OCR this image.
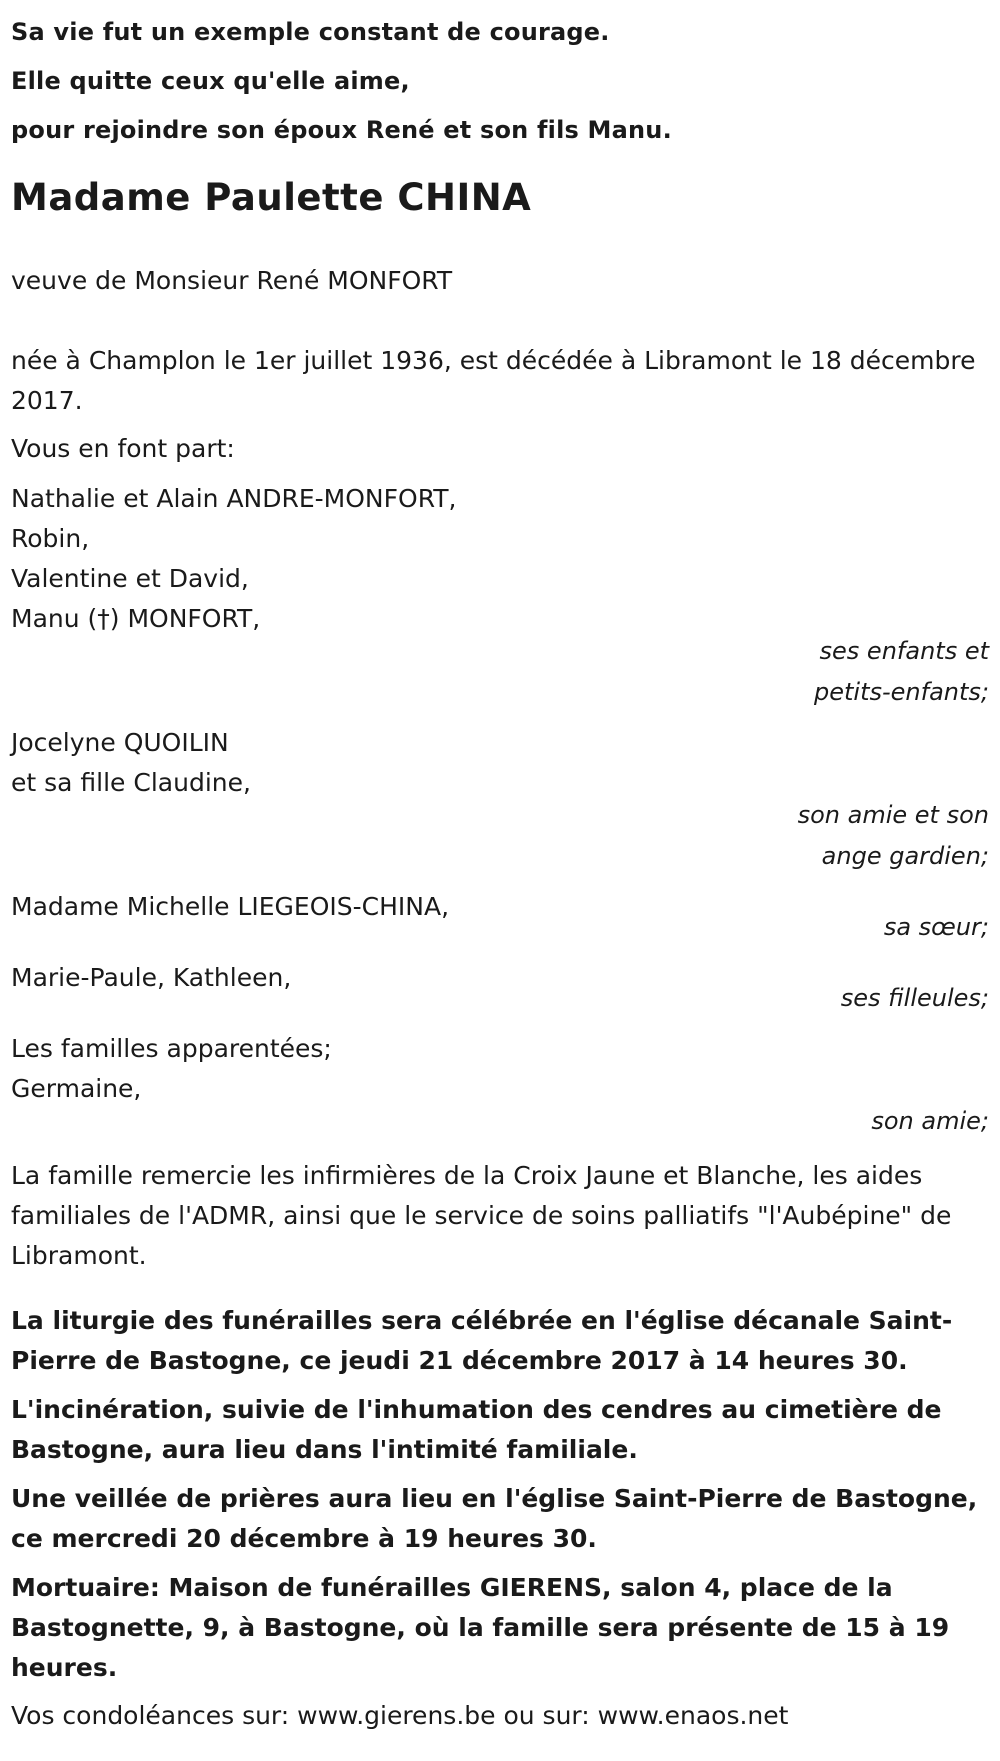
Sa vie fut un exemple constant de courage.

Elle quitte ceux qu'elle aime,

pour rejoindre son époux René et son fils Manu.

Madame Paulette CHINA

veuve de Monsieur René MONFORT

née à Champlon le 1er juillet 1936, est décédée à Libramont le 18 décembre 2017.

Vous en font part:

Nathalie et Alain ANDRE-MONFORT,
Robin,
Valentine et David,
Manu (†) MONFORT,
ses enfants et
petits-enfants;
Jocelyne QUOILIN
et sa fille Claudine,
son amie et son
ange gardien;
Madame Michelle LIEGEOIS-CHINA,
sa sœur;
Marie-Paule, Kathleen,
ses filleules;
Les familles apparentées;
Germaine,
son amie;

La famille remercie les infirmières de la Croix Jaune et Blanche, les aides familiales de l'ADMR, ainsi que le service de soins palliatifs "l'Aubépine" de Libramont.

La liturgie des funérailles sera célébrée en l'église décanale Saint-Pierre de Bastogne, ce jeudi 21 décembre 2017 à 14 heures 30.

L'incinération, suivie de l'inhumation des cendres au cimetière de Bastogne, aura lieu dans l'intimité familiale.

Une veillée de prières aura lieu en l'église Saint-Pierre de Bastogne, ce mercredi 20 décembre à 19 heures 30.

Mortuaire: Maison de funérailles GIERENS, salon 4, place de la Bastognette, 9, à Bastogne, où la famille sera présente de 15 à 19 heures.

Vos condoléances sur: www.gierens.be ou sur: www.enaos.net
